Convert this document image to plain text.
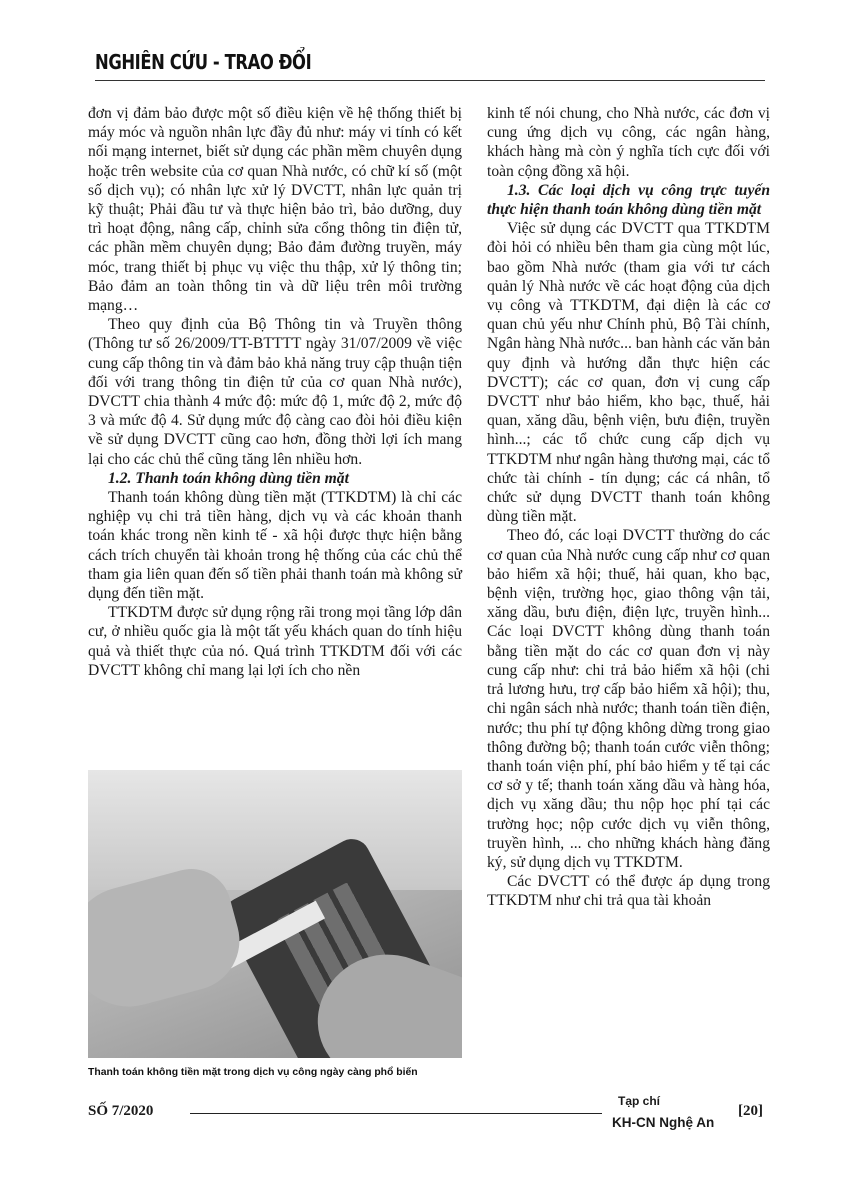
NGHIÊN CỨU - TRAO ĐỔI

đơn vị đảm bảo được một số điều kiện về hệ thống thiết bị máy móc và nguồn nhân lực đầy đủ như: máy vi tính có kết nối mạng internet, biết sử dụng các phần mềm chuyên dụng hoặc trên website của cơ quan Nhà nước, có chữ kí số (một số dịch vụ); có nhân lực xử lý DVCTT, nhân lực quản trị kỹ thuật; Phải đầu tư và thực hiện bảo trì, bảo dưỡng, duy trì hoạt động, nâng cấp, chỉnh sửa cổng thông tin điện tử, các phần mềm chuyên dụng; Bảo đảm đường truyền, máy móc, trang thiết bị phục vụ việc thu thập, xử lý thông tin; Bảo đảm an toàn thông tin và dữ liệu trên môi trường mạng…

Theo quy định của Bộ Thông tin và Truyền thông (Thông tư số 26/2009/TT-BTTTT ngày 31/07/2009 về việc cung cấp thông tin và đảm bảo khả năng truy cập thuận tiện đối với trang thông tin điện tử của cơ quan Nhà nước), DVCTT chia thành 4 mức độ: mức độ 1, mức độ 2, mức độ 3 và mức độ 4. Sử dụng mức độ càng cao đòi hỏi điều kiện về sử dụng DVCTT cũng cao hơn, đồng thời lợi ích mang lại cho các chủ thể cũng tăng lên nhiều hơn.

1.2. Thanh toán không dùng tiền mặt

Thanh toán không dùng tiền mặt (TTKDTM) là chỉ các nghiệp vụ chi trả tiền hàng, dịch vụ và các khoản thanh toán khác trong nền kinh tế - xã hội được thực hiện bằng cách trích chuyển tài khoản trong hệ thống của các chủ thể tham gia liên quan đến số tiền phải thanh toán mà không sử dụng đến tiền mặt.

TTKDTM được sử dụng rộng rãi trong mọi tầng lớp dân cư, ở nhiều quốc gia là một tất yếu khách quan do tính hiệu quả và thiết thực của nó. Quá trình TTKDTM đối với các DVCTT không chỉ mang lại lợi ích cho nền

Thanh toán không tiền mặt trong dịch vụ công ngày càng phổ biến

kinh tế nói chung, cho Nhà nước, các đơn vị cung ứng dịch vụ công, các ngân hàng, khách hàng mà còn ý nghĩa tích cực đối với toàn cộng đồng xã hội.

1.3. Các loại dịch vụ công trực tuyến thực hiện thanh toán không dùng tiền mặt

Việc sử dụng các DVCTT qua TTKDTM đòi hỏi có nhiều bên tham gia cùng một lúc, bao gồm Nhà nước (tham gia với tư cách quản lý Nhà nước về các hoạt động của dịch vụ công và TTKDTM, đại diện là các cơ quan chủ yếu như Chính phủ, Bộ Tài chính, Ngân hàng Nhà nước... ban hành các văn bản quy định và hướng dẫn thực hiện các DVCTT); các cơ quan, đơn vị cung cấp DVCTT như bảo hiểm, kho bạc, thuế, hải quan, xăng dầu, bệnh viện, bưu điện, truyền hình...; các tổ chức cung cấp dịch vụ TTKDTM như ngân hàng thương mại, các tổ chức tài chính - tín dụng; các cá nhân, tổ chức sử dụng DVCTT thanh toán không dùng tiền mặt.

Theo đó, các loại DVCTT thường do các cơ quan của Nhà nước cung cấp như cơ quan bảo hiểm xã hội; thuế, hải quan, kho bạc, bệnh viện, trường học, giao thông vận tải, xăng dầu, bưu điện, điện lực, truyền hình... Các loại DVCTT không dùng thanh toán bằng tiền mặt do các cơ quan đơn vị này cung cấp như: chi trả bảo hiểm xã hội (chi trả lương hưu, trợ cấp bảo hiểm xã hội); thu, chi ngân sách nhà nước; thanh toán tiền điện, nước; thu phí tự động không dừng trong giao thông đường bộ; thanh toán cước viễn thông; thanh toán viện phí, phí bảo hiểm y tế tại các cơ sở y tế; thanh toán xăng dầu và hàng hóa, dịch vụ xăng dầu; thu nộp học phí tại các trường học; nộp cước dịch vụ viễn thông, truyền hình, ... cho những khách hàng đăng ký, sử dụng dịch vụ TTKDTM.

Các DVCTT có thể được áp dụng trong TTKDTM như chi trả qua tài khoản

SỐ 7/2020
Tạp chí
KH-CN Nghệ An
[20]
